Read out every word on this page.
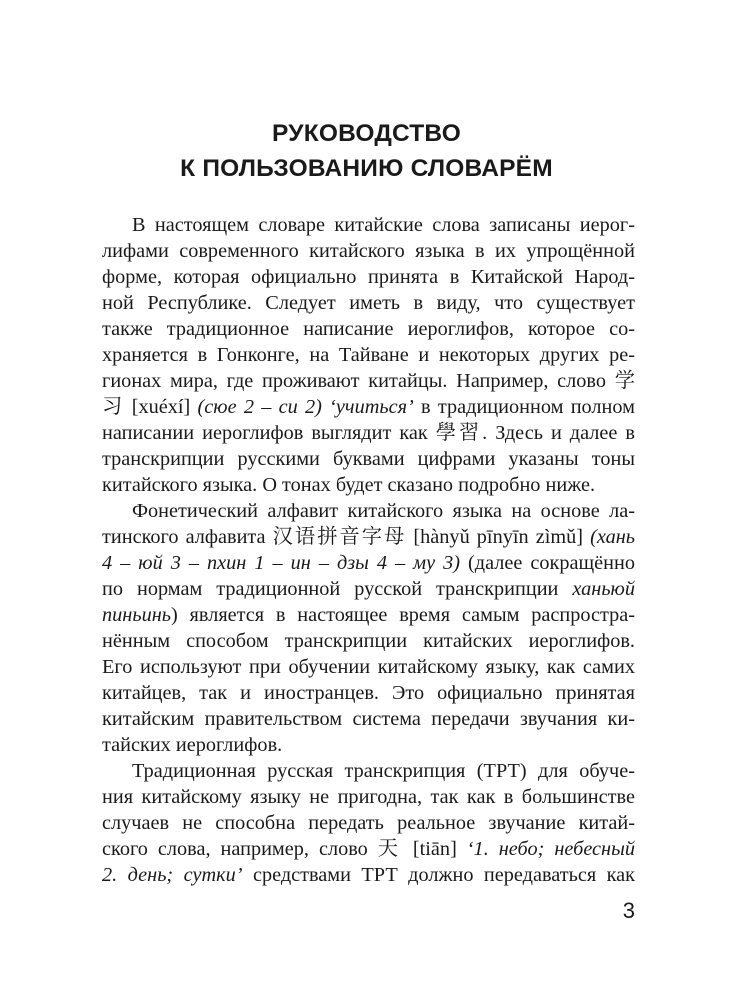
РУКОВОДСТВО
К ПОЛЬЗОВАНИЮ СЛОВАРЁМ
В настоящем словаре китайские слова записаны иерог-
лифами современного китайского языка в их упрощённой
форме, которая официально принята в Китайской Народ-
ной Республике. Следует иметь в виду, что существует
также традиционное написание иероглифов, которое со-
храняется в Гонконге, на Тайване и некоторых других ре-
гионах мира, где проживают китайцы. Например, слово 学
习 [xuéxí] (сюе 2 – си 2) ‘учиться’ в традиционном полном
написании иероглифов выглядит как 學習. Здесь и далее в
транскрипции русскими буквами цифрами указаны тоны
китайского языка. О тонах будет сказано подробно ниже.
Фонетический алфавит китайского языка на основе ла-
тинского алфавита 汉语拼音字母 [hànyǔ pīnyīn zìmǔ] (хань
4 – юй 3 – пхин 1 – ин – дзы 4 – му 3) (далее сокращённо
по нормам традиционной русской транскрипции ханьюй
пиньинь) является в настоящее время самым распростра-
нённым способом транскрипции китайских иероглифов.
Его используют при обучении китайскому языку, как самих
китайцев, так и иностранцев. Это официально принятая
китайским правительством система передачи звучания ки-
тайских иероглифов.
Традиционная русская транскрипция (ТРТ) для обуче-
ния китайскому языку не пригодна, так как в большинстве
случаев не способна передать реальное звучание китай-
ского слова, например, слово 天 [tiān] ‘1. небо; небесный
2. день; сутки’ средствами ТРТ должно передаваться как
3
